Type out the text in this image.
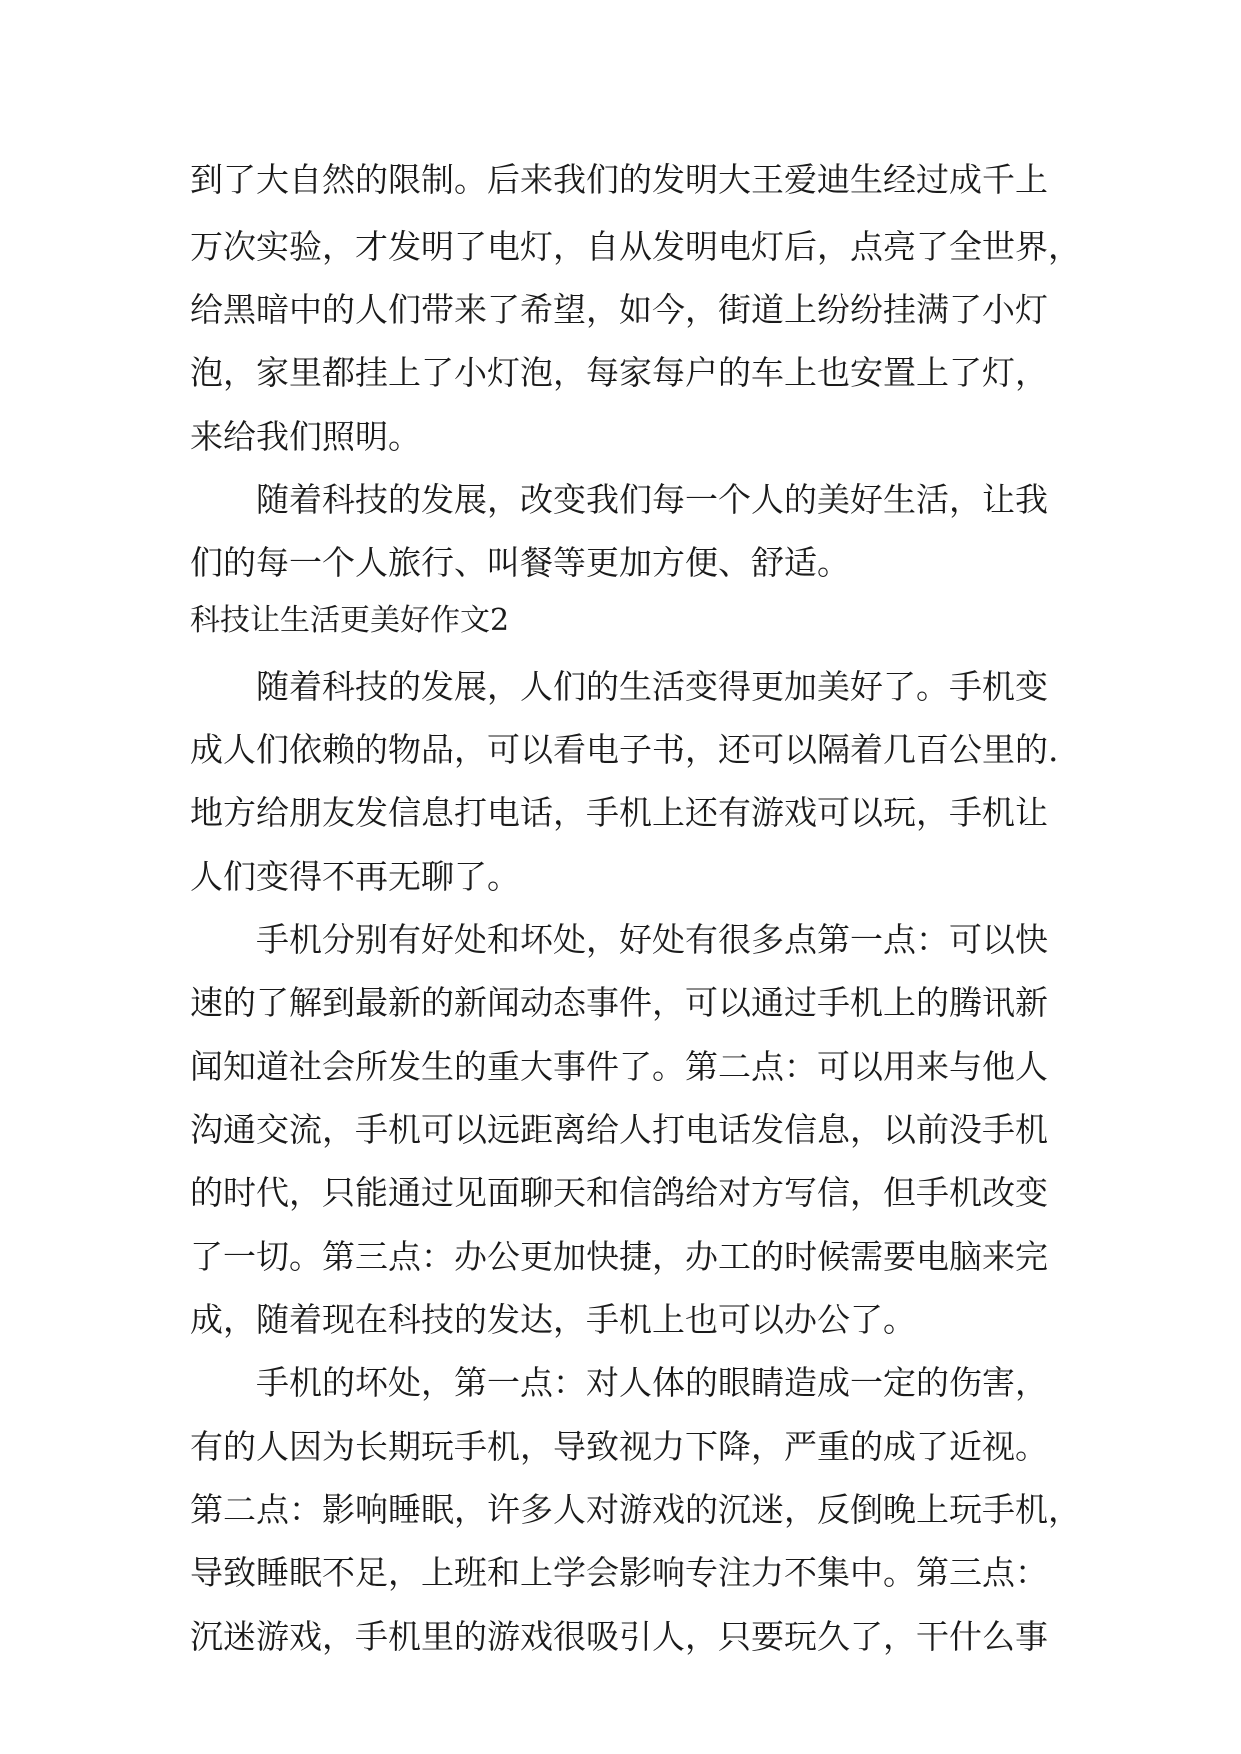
到了大自然的限制。后来我们的发明大王爱迪生经过成千上
万次实验，才发明了电灯，自从发明电灯后，点亮了全世界，
给黑暗中的人们带来了希望，如今，街道上纷纷挂满了小灯
泡，家里都挂上了小灯泡，每家每户的车上也安置上了灯，
来给我们照明。
随着科技的发展，改变我们每一个人的美好生活，让我
们的每一个人旅行、叫餐等更加方便、舒适。
科技让生活更美好作文2
随着科技的发展，人们的生活变得更加美好了。手机变
成人们依赖的物品，可以看电子书，还可以隔着几百公里的.
地方给朋友发信息打电话，手机上还有游戏可以玩，手机让
人们变得不再无聊了。
手机分别有好处和坏处，好处有很多点第一点：可以快
速的了解到最新的新闻动态事件，可以通过手机上的腾讯新
闻知道社会所发生的重大事件了。第二点：可以用来与他人
沟通交流，手机可以远距离给人打电话发信息，以前没手机
的时代，只能通过见面聊天和信鸽给对方写信，但手机改变
了一切。第三点：办公更加快捷，办工的时候需要电脑来完
成，随着现在科技的发达，手机上也可以办公了。
手机的坏处，第一点：对人体的眼睛造成一定的伤害，
有的人因为长期玩手机，导致视力下降，严重的成了近视。
第二点：影响睡眠，许多人对游戏的沉迷，反倒晚上玩手机，
导致睡眠不足，上班和上学会影响专注力不集中。第三点：
沉迷游戏，手机里的游戏很吸引人，只要玩久了，干什么事
